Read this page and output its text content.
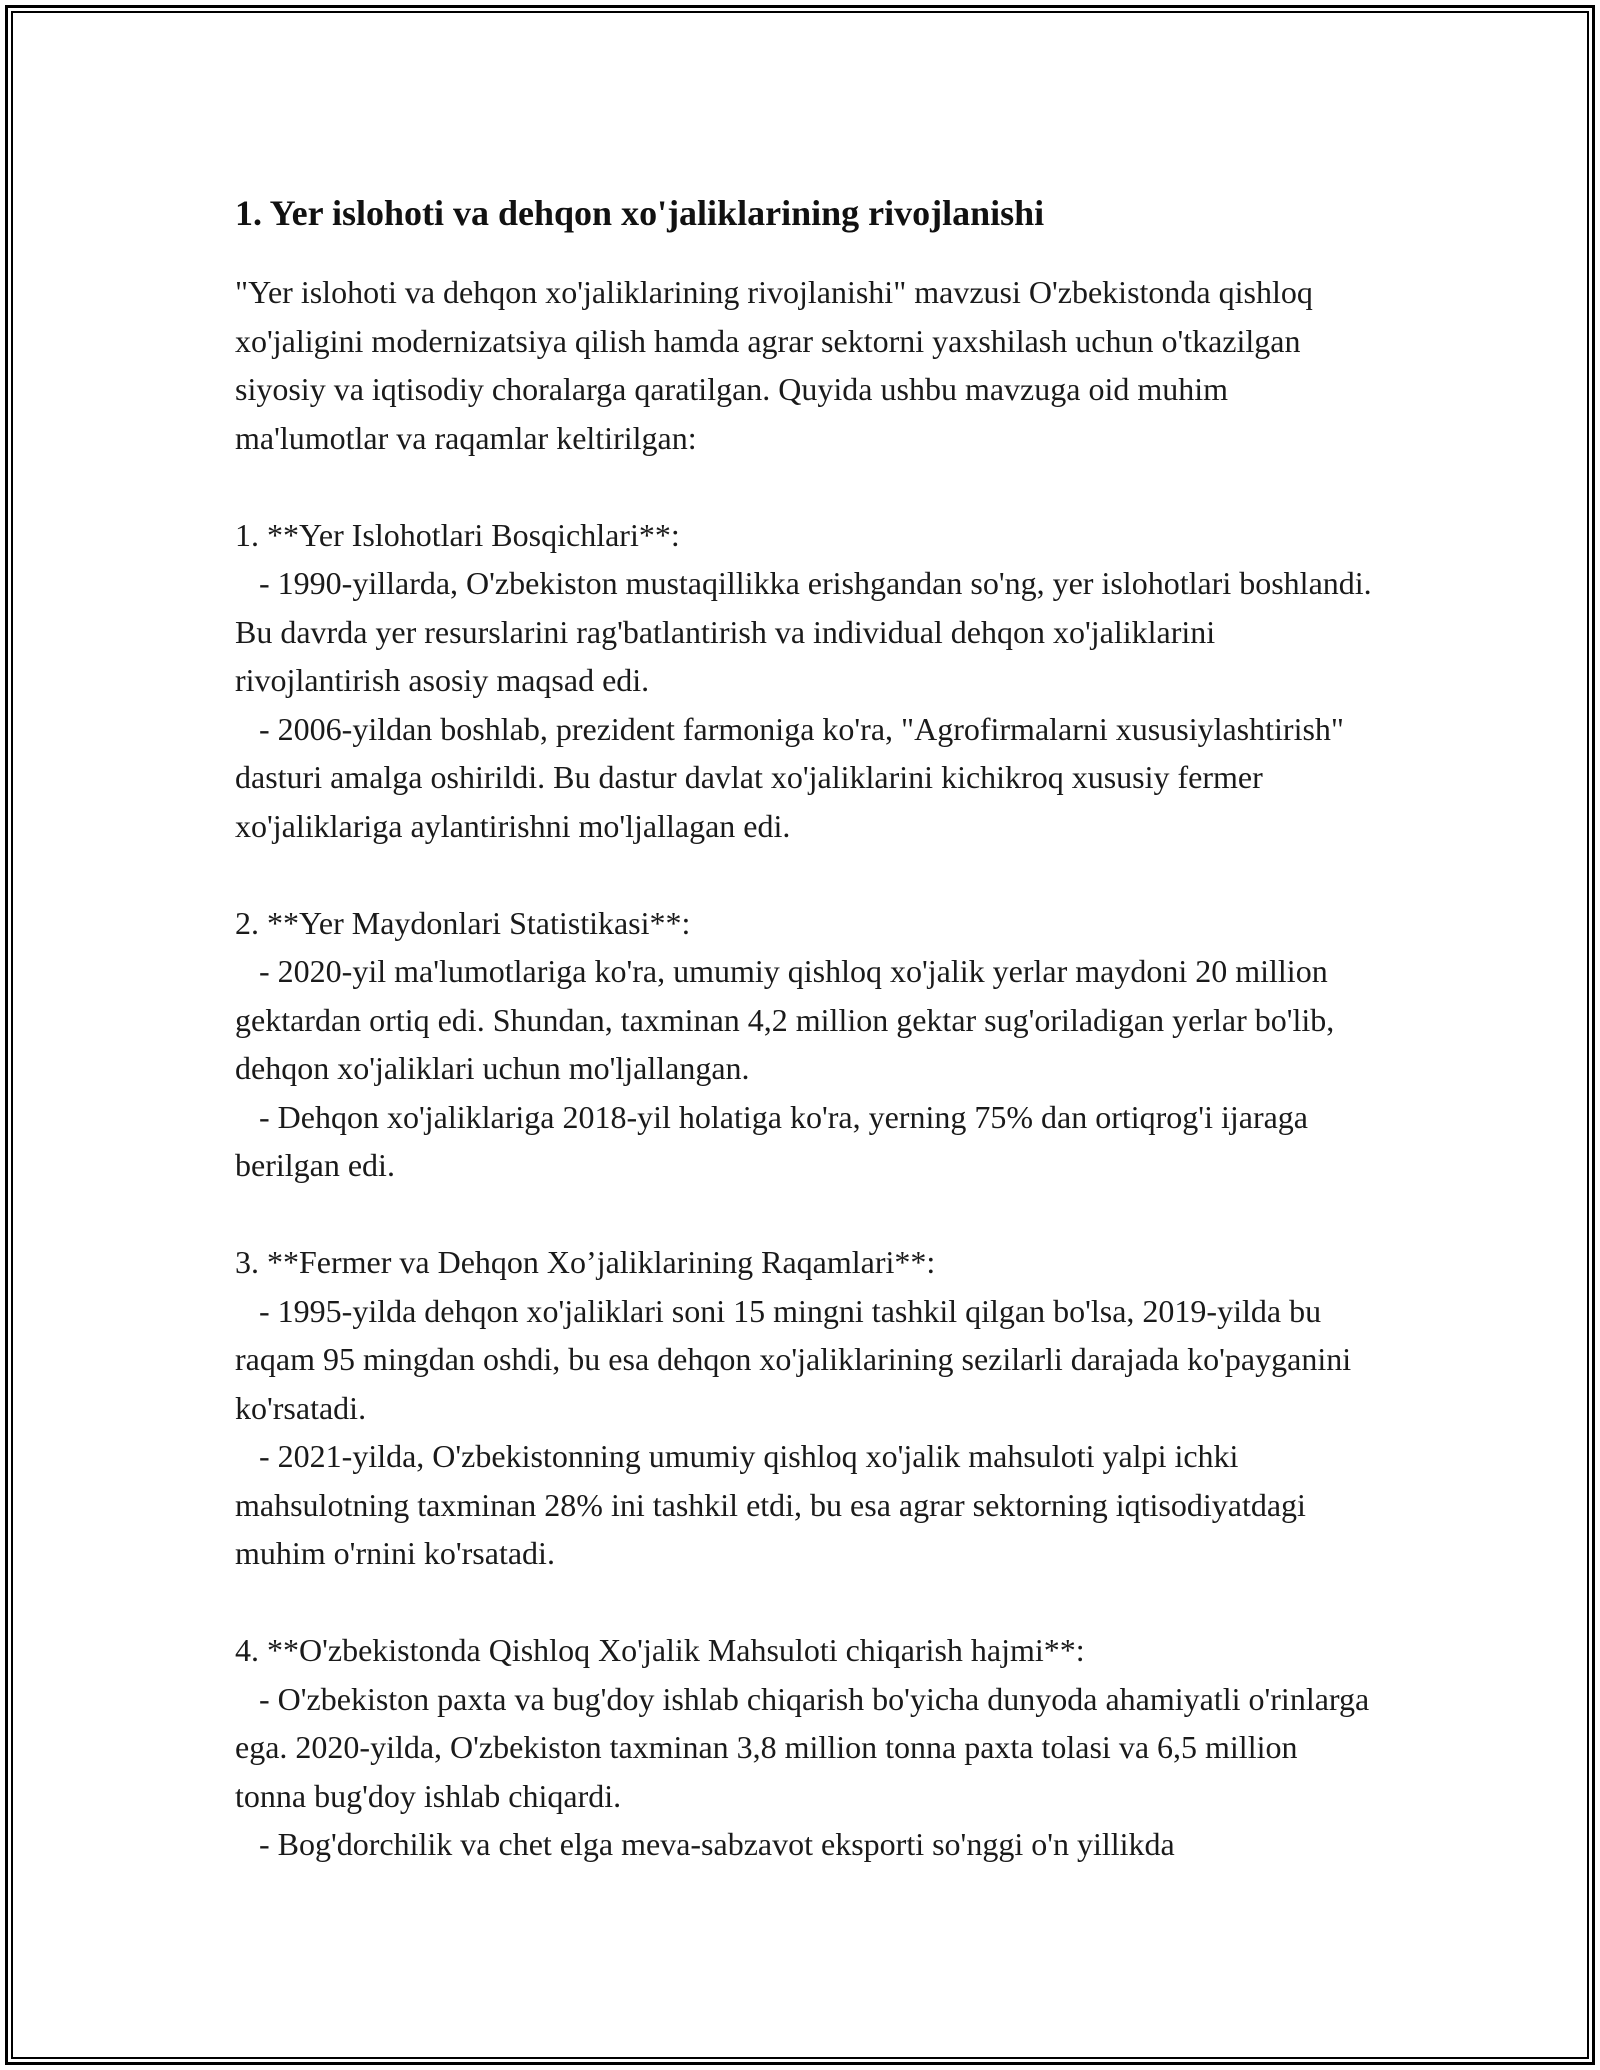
1. Yer islohoti va dehqon xo'jaliklarining rivojlanishi

"Yer islohoti va dehqon xo'jaliklarining rivojlanishi" mavzusi O'zbekistonda qishloq xo'jaligini modernizatsiya qilish hamda agrar sektorni yaxshilash uchun o'tkazilgan siyosiy va iqtisodiy choralarga qaratilgan. Quyida ushbu mavzuga oid muhim ma'lumotlar va raqamlar keltirilgan:

1. **Yer Islohotlari Bosqichlari**:

- 1990-yillarda, O'zbekiston mustaqillikka erishgandan so'ng, yer islohotlari boshlandi. Bu davrda yer resurslarini rag'batlantirish va individual dehqon xo'jaliklarini rivojlantirish asosiy maqsad edi.

- 2006-yildan boshlab, prezident farmoniga ko'ra, "Agrofirmalarni xususiylashtirish" dasturi amalga oshirildi. Bu dastur davlat xo'jaliklarini kichikroq xususiy fermer xo'jaliklariga aylantirishni mo'ljallagan edi.

2. **Yer Maydonlari Statistikasi**:

- 2020-yil ma'lumotlariga ko'ra, umumiy qishloq xo'jalik yerlar maydoni 20 million gektardan ortiq edi. Shundan, taxminan 4,2 million gektar sug'oriladigan yerlar bo'lib, dehqon xo'jaliklari uchun mo'ljallangan.

- Dehqon xo'jaliklariga 2018-yil holatiga ko'ra, yerning 75% dan ortiqrog'i ijaraga berilgan edi.

3. **Fermer va Dehqon Xo’jaliklarining Raqamlari**:

- 1995-yilda dehqon xo'jaliklari soni 15 mingni tashkil qilgan bo'lsa, 2019-yilda bu raqam 95 mingdan oshdi, bu esa dehqon xo'jaliklarining sezilarli darajada ko'payganini ko'rsatadi.

- 2021-yilda, O'zbekistonning umumiy qishloq xo'jalik mahsuloti yalpi ichki mahsulotning taxminan 28% ini tashkil etdi, bu esa agrar sektorning iqtisodiyatdagi muhim o'rnini ko'rsatadi.

4. **O'zbekistonda Qishloq Xo'jalik Mahsuloti chiqarish hajmi**:

- O'zbekiston paxta va bug'doy ishlab chiqarish bo'yicha dunyoda ahamiyatli o'rinlarga ega. 2020-yilda, O'zbekiston taxminan 3,8 million tonna paxta tolasi va 6,5 million tonna bug'doy ishlab chiqardi.

- Bog'dorchilik va chet elga meva-sabzavot eksporti so'nggi o'n yillikda
